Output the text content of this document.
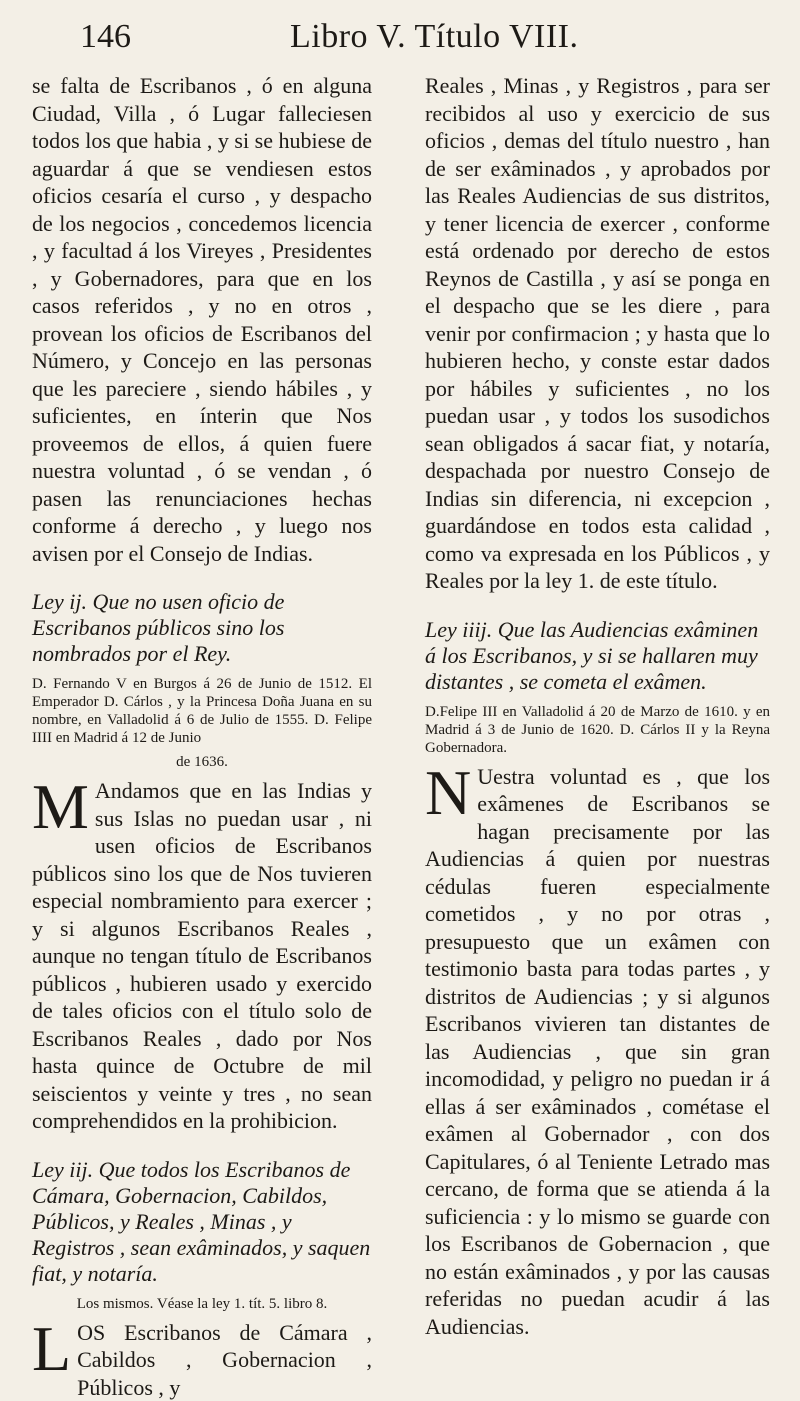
146	Libro V. Título VIII.

se falta de Escribanos , ó en alguna Ciudad, Villa , ó Lugar falleciesen todos los que habia , y si se hubiese de aguardar á que se vendiesen estos oficios cesaría el curso , y despacho de los negocios , concedemos licencia , y facultad á los Vireyes , Presidentes , y Gobernadores, para que en los casos referidos , y no en otros , provean los oficios de Escribanos del Número, y Concejo en las personas que les pareciere , siendo hábiles , y suficientes, en ínterin que Nos proveemos de ellos, á quien fuere nuestra voluntad , ó se vendan , ó pasen las renunciaciones hechas conforme á derecho , y luego nos avisen por el Consejo de Indias.

Ley ij. Que no usen oficio de Escribanos públicos sino los nombrados por el Rey.

D. Fernando V en Burgos á 26 de Junio de 1512. El Emperador D. Cárlos , y la Princesa Doña Juana en su nombre, en Valladolid á 6 de Julio de 1555. D. Felipe IIII en Madrid á 12 de Junio

de 1636.

M Andamos que en las Indias y sus Islas no puedan usar , ni usen oficios de Escribanos públicos sino los que de Nos tuvieren especial nombramiento para exercer ; y si algunos Escribanos Reales , aunque no tengan título de Escribanos públicos , hubieren usado y exercido de tales oficios con el título solo de Escribanos Reales , dado por Nos hasta quince de Octubre de mil seiscientos y veinte y tres , no sean comprehendidos en la prohibicion.

Ley iij. Que todos los Escribanos de Cámara, Gobernacion, Cabildos, Públicos, y Reales , Minas , y Registros , sean exâminados, y saquen fiat, y notaría.

Los mismos. Véase la ley 1. tít. 5. libro 8.

LOS Escribanos de Cámara , Cabildos , Gobernacion , Públicos , y

Reales , Minas , y Registros , para ser recibidos al uso y exercicio de sus oficios , demas del título nuestro , han de ser exâminados , y aprobados por las Reales Audiencias de sus distritos, y tener licencia de exercer , conforme está ordenado por derecho de estos Reynos de Castilla , y así se ponga en el despacho que se les diere , para venir por confirmacion ; y hasta que lo hubieren hecho, y conste estar dados por hábiles y suficientes , no los puedan usar , y todos los susodichos sean obligados á sacar fiat, y notaría, despachada por nuestro Consejo de Indias sin diferencia, ni excepcion , guardándose en todos esta calidad , como va expresada en los Públicos , y Reales por la ley 1. de este título.

Ley iiij. Que las Audiencias exâminen á los Escribanos, y si se hallaren muy distantes , se cometa el exâmen.

D.Felipe III en Valladolid á 20 de Marzo de 1610. y en Madrid á 3 de Junio de 1620. D. Cárlos II y la Reyna Gobernadora.

N Uestra voluntad es , que los exâmenes de Escribanos se hagan precisamente por las Audiencias á quien por nuestras cédulas fueren especialmente cometidos , y no por otras , presupuesto que un exâmen con testimonio basta para todas partes , y distritos de Audiencias ; y si algunos Escribanos vivieren tan distantes de las Audiencias , que sin gran incomodidad, y peligro no puedan ir á ellas á ser exâminados , cométase el exâmen al Gobernador , con dos Capitulares, ó al Teniente Letrado mas cercano, de forma que se atienda á la suficiencia : y lo mismo se guarde con los Escribanos de Gobernacion , que no están exâminados , y por las causas referidas no puedan acudir á las Audiencias.
